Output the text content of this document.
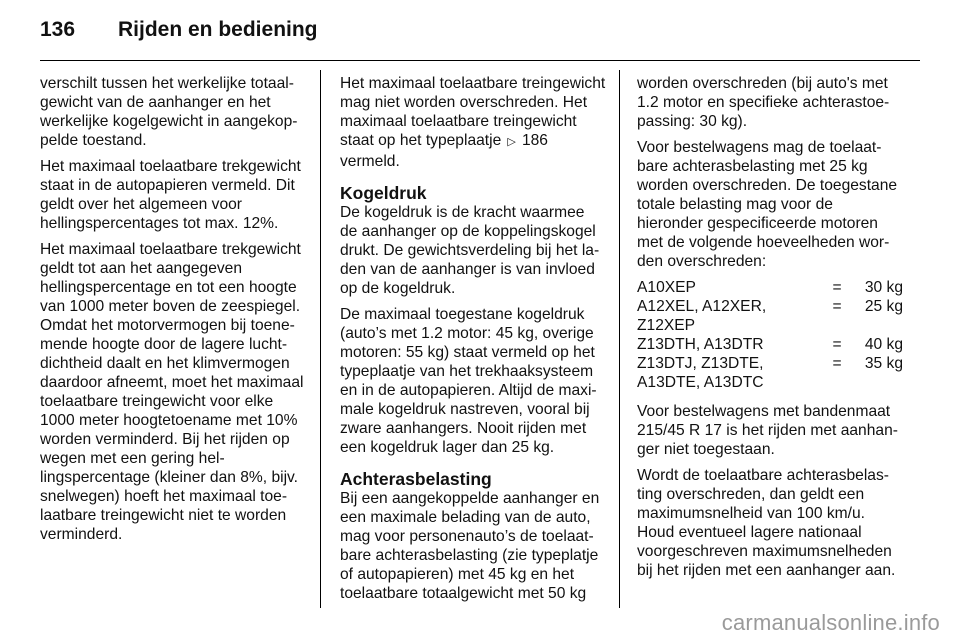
136	Rijden en bediening

verschilt tussen het werkelijke totaalgewicht van de aanhanger en het werkelijke kogelgewicht in aangekoppelde toestand.

Het maximaal toelaatbare trekgewicht staat in de autopapieren vermeld. Dit geldt over het algemeen voor hellingspercentages tot max. 12%.

Het maximaal toelaatbare trekgewicht geldt tot aan het aangegeven hellingspercentage en tot een hoogte van 1000 meter boven de zeespiegel. Omdat het motorvermogen bij toenemende hoogte door de lagere luchtdichtheid daalt en het klimvermogen daardoor afneemt, moet het maximaal toelaatbare treingewicht voor elke 1000 meter hoogtetoename met 10% worden verminderd. Bij het rijden op wegen met een gering hellingspercentage (kleiner dan 8%, bijv. snelwegen) hoeft het maximaal toelaatbare treingewicht niet te worden verminderd.

Het maximaal toelaatbare treingewicht mag niet worden overschreden. Het maximaal toelaatbare treingewicht staat op het typeplaatje ▷ 186 vermeld.

Kogeldruk

De kogeldruk is de kracht waarmee de aanhanger op de koppelingskogel drukt. De gewichtsverdeling bij het laden van de aanhanger is van invloed op de kogeldruk.

De maximaal toegestane kogeldruk (auto’s met 1.2 motor: 45 kg, overige motoren: 55 kg) staat vermeld op het typeplaatje van het trekhaaksysteem en in de autopapieren. Altijd de maximale kogeldruk nastreven, vooral bij zware aanhangers. Nooit rijden met een kogeldruk lager dan 25 kg.

Achterasbelasting

Bij een aangekoppelde aanhanger en een maximale belading van de auto, mag voor personenauto’s de toelaatbare achterasbelasting (zie typeplatje of autopapieren) met 45 kg en het toelaatbare totaalgewicht met 50 kg

worden overschreden (bij auto's met 1.2 motor en specifieke achterastoepassing: 30 kg).

Voor bestelwagens mag de toelaatbare achterasbelasting met 25 kg worden overschreden. De toegestane totale belasting mag voor de hieronder gespecificeerde motoren met de volgende hoeveelheden worden overschreden:

A10XEP	=	30 kg
A12XEL, A12XER, Z12XEP	=	25 kg
Z13DTH, A13DTR	=	40 kg
Z13DTJ, Z13DTE, A13DTE, A13DTC	=	35 kg

Voor bestelwagens met bandenmaat 215/45 R 17 is het rijden met aanhanger niet toegestaan.

Wordt de toelaatbare achterasbelasting overschreden, dan geldt een maximumsnelheid van 100 km/u. Houd eventueel lagere nationaal voorgeschreven maximumsnelheden bij het rijden met een aanhanger aan.

carmanualsonline.info
